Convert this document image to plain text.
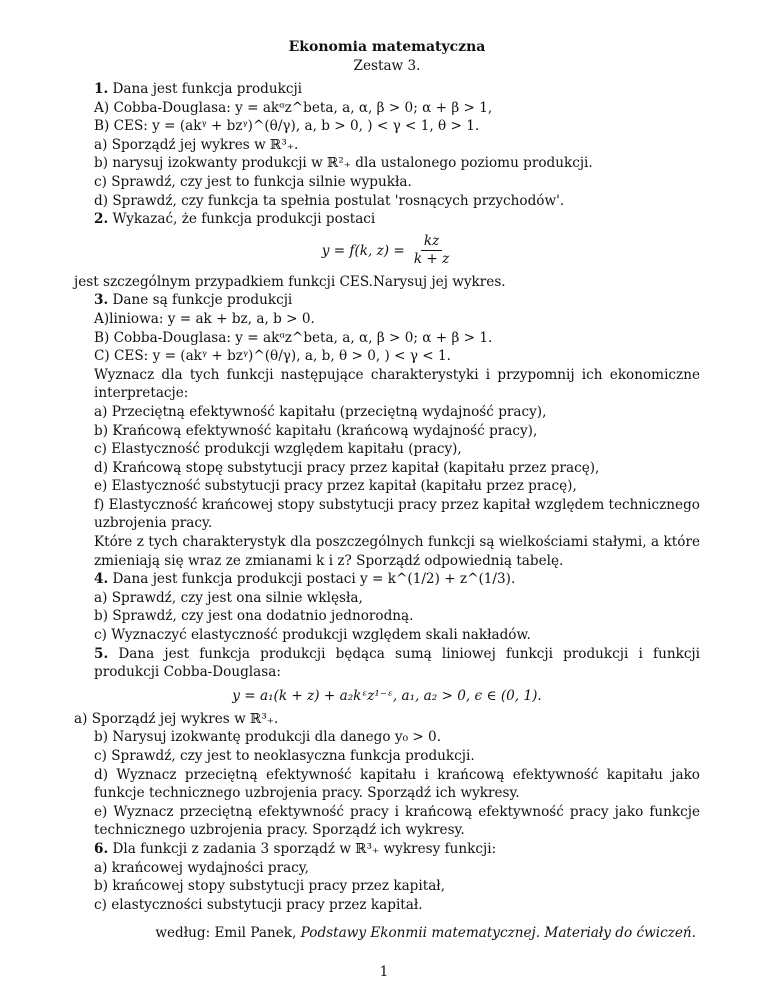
Ekonomia matematyczna
Zestaw 3.
1. Dana jest funkcja produkcji
A) Cobba-Douglasa: y = akᵅz^beta, a, α, β > 0; α + β > 1,
B) CES: y = (akᵞ + bzᵞ)^(θ/γ), a, b > 0, ) < γ < 1, θ > 1.
a) Sporządź jej wykres w ℝ³₊.
b) narysuj izokwanty produkcji w ℝ²₊ dla ustalonego poziomu produkcji.
c) Sprawdź, czy jest to funkcja silnie wypukła.
d) Sprawdź, czy funkcja ta spełnia postulat 'rosnących przychodów'.
2. Wykazać, że funkcja produkcji postaci
y = f(k, $z) = \frac{kz}{k + z}$
jest szczególnym przypadkiem funkcji CES.Narysuj jej wykres.
3. Dane są funkcje produkcji
A)liniowa: y = ak + bz, a, b > 0.
B) Cobba-Douglasa: y = akᵅz^beta, a, α, β > 0; α + β > 1.
C) CES: y = (akᵞ + bzᵞ)^(θ/γ), a, b, θ > 0, ) < γ < 1.
Wyznacz dla tych funkcji następujące charakterystyki i przypomnij ich ekonomiczne interpretacje:
a) Przeciętną efektywność kapitału (przeciętną wydajność pracy),
b) Krańcową efektywność kapitału (krańcową wydajność pracy),
c) Elastyczność produkcji względem kapitału (pracy),
d) Krańcową stopę substytucji pracy przez kapitał (kapitału przez pracę),
e) Elastyczność substytucji pracy przez kapitał (kapitału przez pracę),
f) Elastyczność krańcowej stopy substytucji pracy przez kapitał względem technicznego uzbrojenia pracy.
Które z tych charakterystyk dla poszczególnych funkcji są wielkościami stałymi, a które zmieniają się wraz ze zmianami k i z? Sporządź odpowiednią tabelę.
4. Dana jest funkcja produkcji postaci y = k^(1/2) + z^(1/3).
a) Sprawdź, czy jest ona silnie wklęsła,
b) Sprawdź, czy jest ona dodatnio jednorodną.
c) Wyznaczyć elastyczność produkcji względem skali nakładów.
5. Dana jest funkcja produkcji będąca sumą liniowej funkcji produkcji i funkcji produkcji Cobba-Douglasa:
y = a₁(k + z) + a₂kᵋz¹⁻ᵋ, a₁, a₂ > 0, ϵ ∈ (0, 1).
a) Sporządź jej wykres w ℝ³₊.
b) Narysuj izokwantę produkcji dla danego y₀ > 0.
c) Sprawdź, czy jest to neoklasyczna funkcja produkcji.
d) Wyznacz przeciętną efektywność kapitału i krańcową efektywność kapitału jako funkcje technicznego uzbrojenia pracy. Sporządź ich wykresy.
e) Wyznacz przeciętną efektywność pracy i krańcową efektywność pracy jako funkcje technicznego uzbrojenia pracy. Sporządź ich wykresy.
6. Dla funkcji z zadania 3 sporządź w ℝ³₊ wykresy funkcji:
a) krańcowej wydajności pracy,
b) krańcowej stopy substytucji pracy przez kapitał,
c) elastyczności substytucji pracy przez kapitał.
według: Emil Panek, Podstawy Ekonmii matematycznej. Materiały do ćwiczeń.
1
